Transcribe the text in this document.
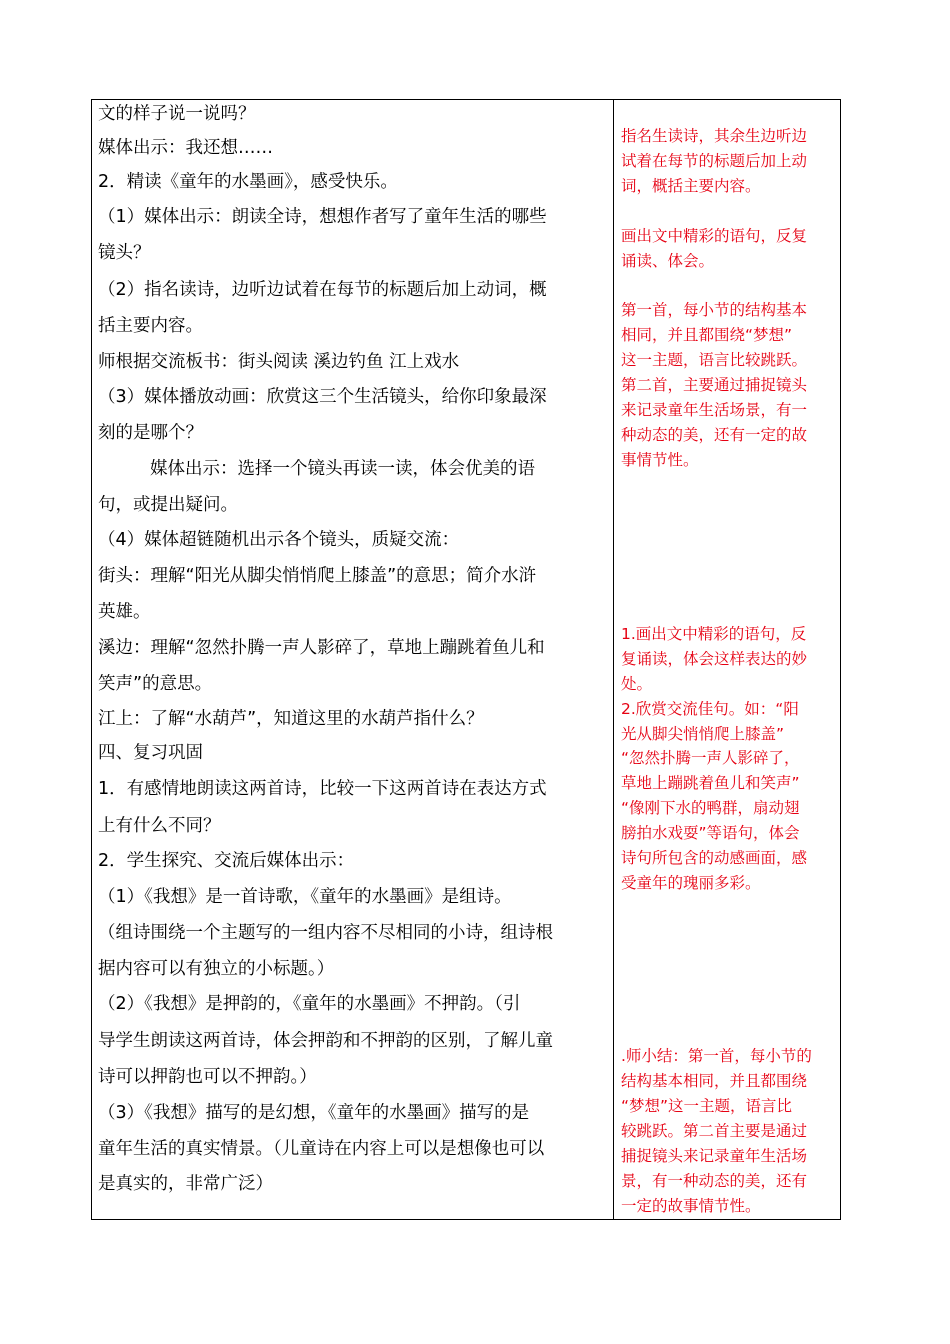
文的样子说一说吗？
媒体出示：我还想……
2．精读《童年的水墨画》，感受快乐。
（1）媒体出示：朗读全诗，想想作者写了童年生活的哪些
镜头？
（2）指名读诗，边听边试着在每节的标题后加上动词，概
括主要内容。
师根据交流板书：街头阅读 溪边钓鱼 江上戏水
（3）媒体播放动画：欣赏这三个生活镜头，给你印象最深
刻的是哪个？
媒体出示：选择一个镜头再读一读，体会优美的语
句，或提出疑问。
（4）媒体超链随机出示各个镜头，质疑交流：
街头：理解“阳光从脚尖悄悄爬上膝盖”的意思；简介水浒
英雄。
溪边：理解“忽然扑腾一声人影碎了，草地上蹦跳着鱼儿和
笑声”的意思。
江上：了解“水葫芦”，知道这里的水葫芦指什么？
四、复习巩固
1．有感情地朗读这两首诗，比较一下这两首诗在表达方式
上有什么不同？
2．学生探究、交流后媒体出示：
（1）《我想》是一首诗歌，《童年的水墨画》是组诗。
（组诗围绕一个主题写的一组内容不尽相同的小诗，组诗根
据内容可以有独立的小标题。）
（2）《我想》是押韵的，《童年的水墨画》不押韵。（引
导学生朗读这两首诗，体会押韵和不押韵的区别，了解儿童
诗可以押韵也可以不押韵。）
（3）《我想》描写的是幻想，《童年的水墨画》描写的是
童年生活的真实情景。（儿童诗在内容上可以是想像也可以
是真实的，非常广泛）
指名生读诗，其余生边听边
试着在每节的标题后加上动
词，概括主要内容。
画出文中精彩的语句，反复
诵读、体会。
第一首，每小节的结构基本
相同，并且都围绕“梦想”
这一主题，语言比较跳跃。
第二首，主要通过捕捉镜头
来记录童年生活场景，有一
种动态的美，还有一定的故
事情节性。
1.画出文中精彩的语句，反
复诵读，体会这样表达的妙
处。
2.欣赏交流佳句。如：“阳
光从脚尖悄悄爬上膝盖”
“忽然扑腾一声人影碎了，
草地上蹦跳着鱼儿和笑声”
“像刚下水的鸭群，扇动翅
膀拍水戏耍”等语句，体会
诗句所包含的动感画面，感
受童年的瑰丽多彩。
.师小结：第一首，每小节的
结构基本相同，并且都围绕
“梦想”这一主题，语言比
较跳跃。第二首主要是通过
捕捉镜头来记录童年生活场
景，有一种动态的美，还有
一定的故事情节性。
